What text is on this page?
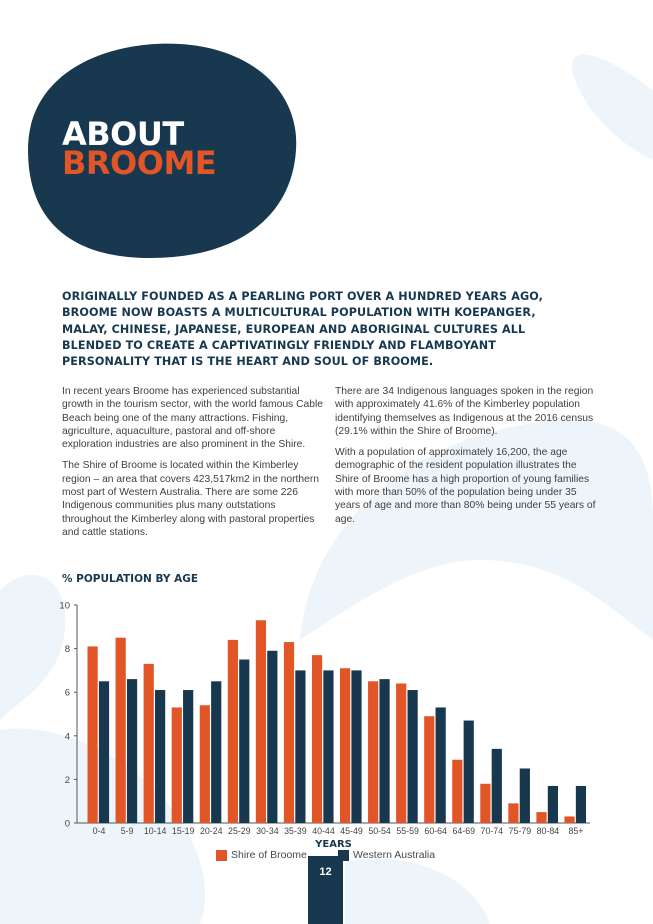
ABOUT
BROOME

ORIGINALLY FOUNDED AS A PEARLING PORT OVER A HUNDRED YEARS AGO, BROOME NOW BOASTS A MULTICULTURAL POPULATION WITH KOEPANGER, MALAY, CHINESE, JAPANESE, EUROPEAN AND ABORIGINAL CULTURES ALL BLENDED TO CREATE A CAPTIVATINGLY FRIENDLY AND FLAMBOYANT PERSONALITY THAT IS THE HEART AND SOUL OF BROOME.

In recent years Broome has experienced substantial growth in the tourism sector, with the world famous Cable Beach being one of the many attractions. Fishing, agriculture, aquaculture, pastoral and off-shore exploration industries are also prominent in the Shire.

The Shire of Broome is located within the Kimberley region – an area that covers 423,517km2 in the northern most part of Western Australia. There are some 226 Indigenous communities plus many outstations throughout the Kimberley along with pastoral properties and cattle stations.

There are 34 Indigenous languages spoken in the region with approximately 41.6% of the Kimberley population identifying themselves as Indigenous at the 2016 census (29.1% within the Shire of Broome).

With a population of approximately 16,200, the age demographic of the resident population illustrates the Shire of Broome has a high proportion of young families with more than 50% of the population being under 35 years of age and more than 80% being under 55 years of age.

% POPULATION BY AGE
0
2
4
6
8
10
0-4 5-9 10-14 15-19 20-24 25-29 30-34 35-39 40-44 45-49 50-54 55-59 60-64 64-69 70-74 75-79 80-84 85+
YEARS
Shire of Broome	Western Australia
12
